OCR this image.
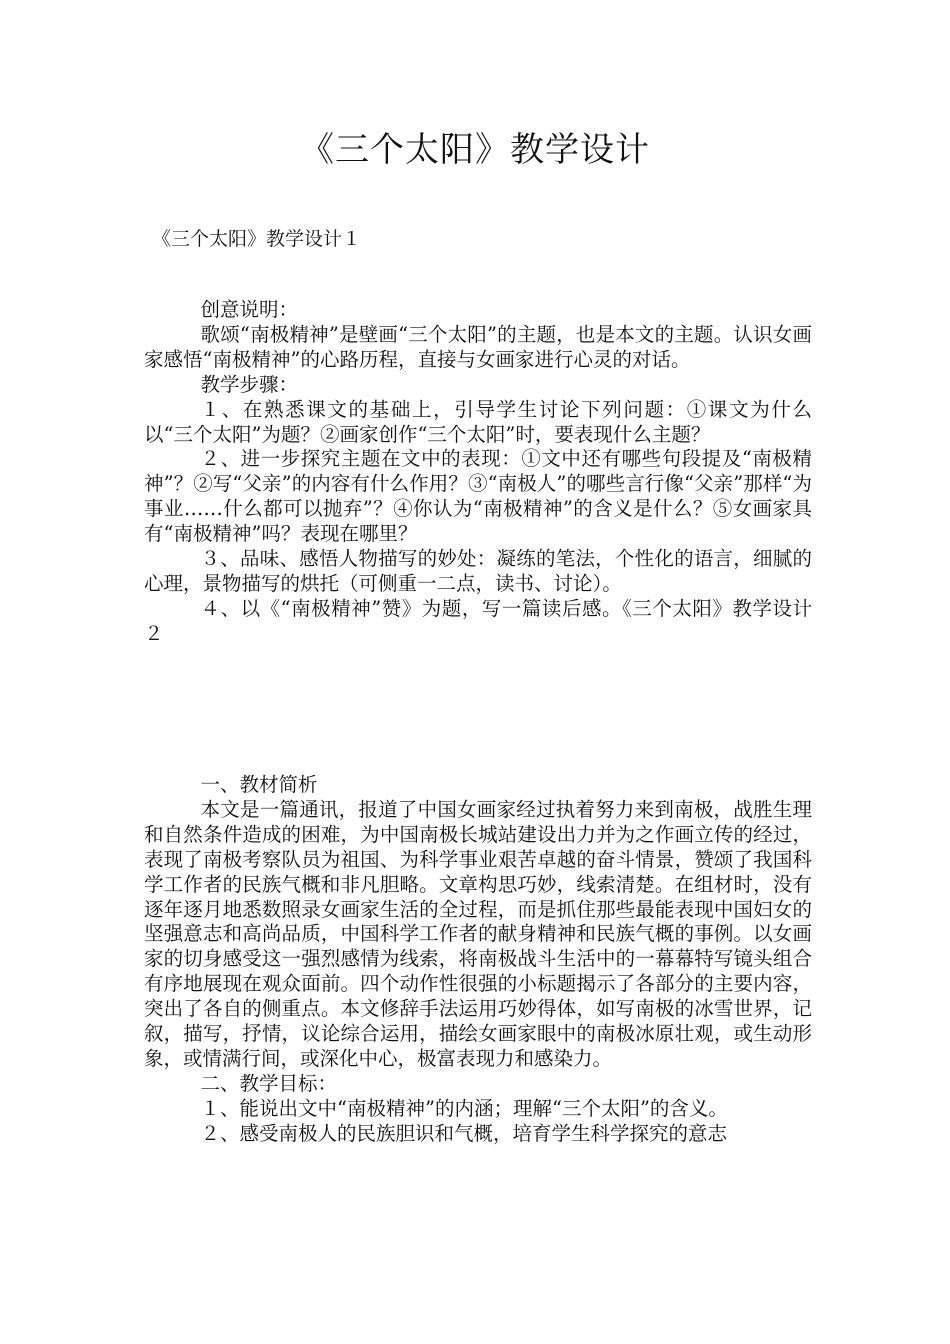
《三个太阳》教学设计
《三个太阳》教学设计１

创意说明：

歌颂“南极精神”是壁画“三个太阳”的主题，也是本文的主题。认识女画家感悟“南极精神”的心路历程，直接与女画家进行心灵的对话。

教学步骤：

１、在熟悉课文的基础上，引导学生讨论下列问题：①课文为什么以“三个太阳”为题？②画家创作“三个太阳”时，要表现什么主题？

２、进一步探究主题在文中的表现：①文中还有哪些句段提及“南极精神”？②写“父亲”的内容有什么作用？③“南极人”的哪些言行像“父亲”那样“为事业……什么都可以抛弃”？④你认为“南极精神”的含义是什么？⑤女画家具有“南极精神”吗？表现在哪里？

３、品味、感悟人物描写的妙处：凝练的笔法，个性化的语言，细腻的心理，景物描写的烘托（可侧重一二点，读书、讨论）。

４、以《“南极精神”赞》为题，写一篇读后感。《三个太阳》教学设计２

一、教材简析

本文是一篇通讯，报道了中国女画家经过执着努力来到南极，战胜生理和自然条件造成的困难，为中国南极长城站建设出力并为之作画立传的经过，表现了南极考察队员为祖国、为科学事业艰苦卓越的奋斗情景，赞颂了我国科学工作者的民族气概和非凡胆略。文章构思巧妙，线索清楚。在组材时，没有逐年逐月地悉数照录女画家生活的全过程，而是抓住那些最能表现中国妇女的坚强意志和高尚品质，中国科学工作者的献身精神和民族气概的事例。以女画家的切身感受这一强烈感情为线索，将南极战斗生活中的一幕幕特写镜头组合有序地展现在观众面前。四个动作性很强的小标题揭示了各部分的主要内容，突出了各自的侧重点。本文修辞手法运用巧妙得体，如写南极的冰雪世界，记叙，描写，抒情，议论综合运用，描绘女画家眼中的南极冰原壮观，或生动形象，或情满行间，或深化中心，极富表现力和感染力。

二、教学目标：

１、能说出文中“南极精神”的内涵；理解“三个太阳”的含义。

２、感受南极人的民族胆识和气概，培育学生科学探究的意志
